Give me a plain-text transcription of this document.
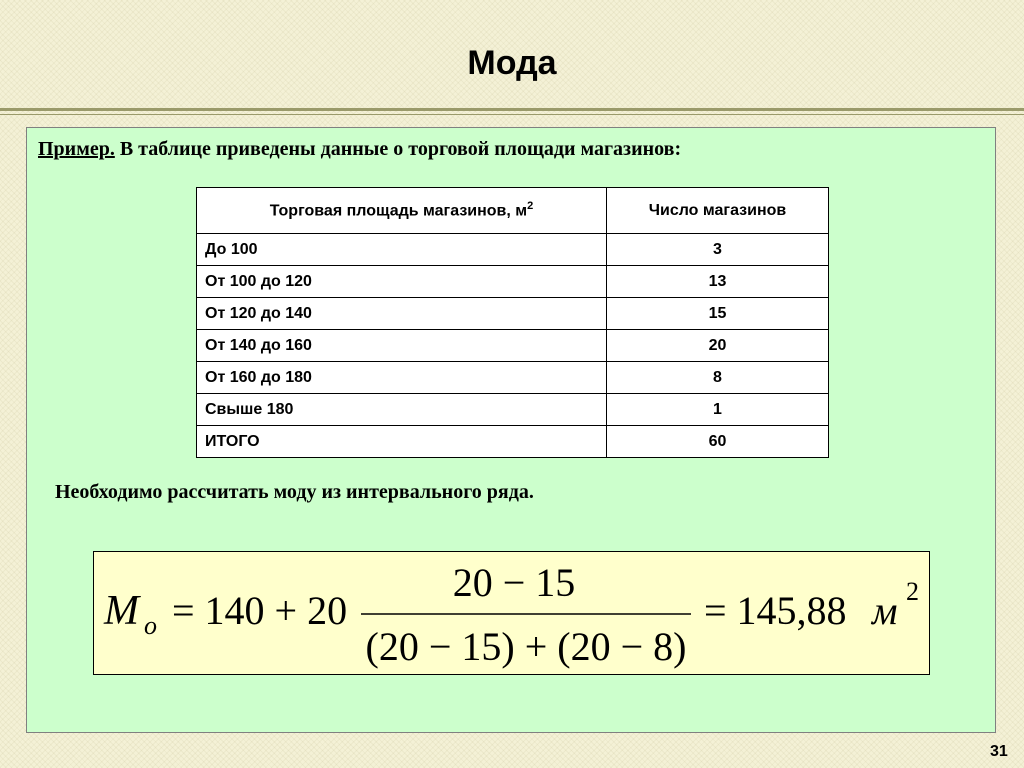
Мода
Пример. В таблице приведены данные о торговой площади магазинов:
Торговая площадь магазинов, $м^2$	Число магазинов
До 100	3
От 100 до 120	13
От 120 до 140	15
От 140 до 160	20
От 160 до 180	8
Свыше 180	1
ИТОГО	60
Необходимо рассчитать моду из интервального ряда.
M o = 140 + 20
20 − 15
(20 − 15) + (20 − 8)
= 145,88 м 2
31
